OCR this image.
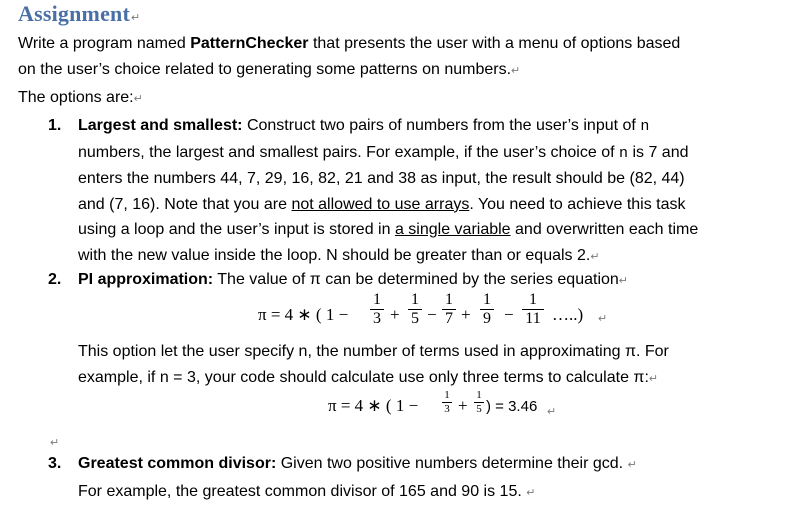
Assignment↵
Write a program named PatternChecker that presents the user with a menu of options based
on the user’s choice related to generating some patterns on numbers.↵
The options are:↵
1. Largest and smallest: Construct two pairs of numbers from the user’s input of n
numbers, the largest and smallest pairs. For example, if the user’s choice of n is 7 and
enters the numbers 44, 7, 29, 16, 82, 21 and 38 as input, the result should be (82, 44)
and (7, 16). Note that you are not allowed to use arrays. You need to achieve this task
using a loop and the user’s input is stored in a single variable and overwritten each time
with the new value inside the loop. N should be greater than or equals 2.↵
2. PI approximation: The value of π can be determined by the series equation↵
π = 4 ∗ ( $1 - \frac{1}{3} + \frac{1}{5} - \frac{1}{7} + \frac{1}{9} - \frac{1}{11}$ …..) ↵
This option let the user specify n, the number of terms used in approximating π. For
example, if n = 3, your code should calculate use only three terms to calculate π:↵
π = 4 ∗ ( $1 - \frac{1}{3} + \frac{1}{5}$ ) = 3.46 ↵
↵
3. Greatest common divisor: Given two positive numbers determine their gcd. ↵
For example, the greatest common divisor of 165 and 90 is 15. ↵
